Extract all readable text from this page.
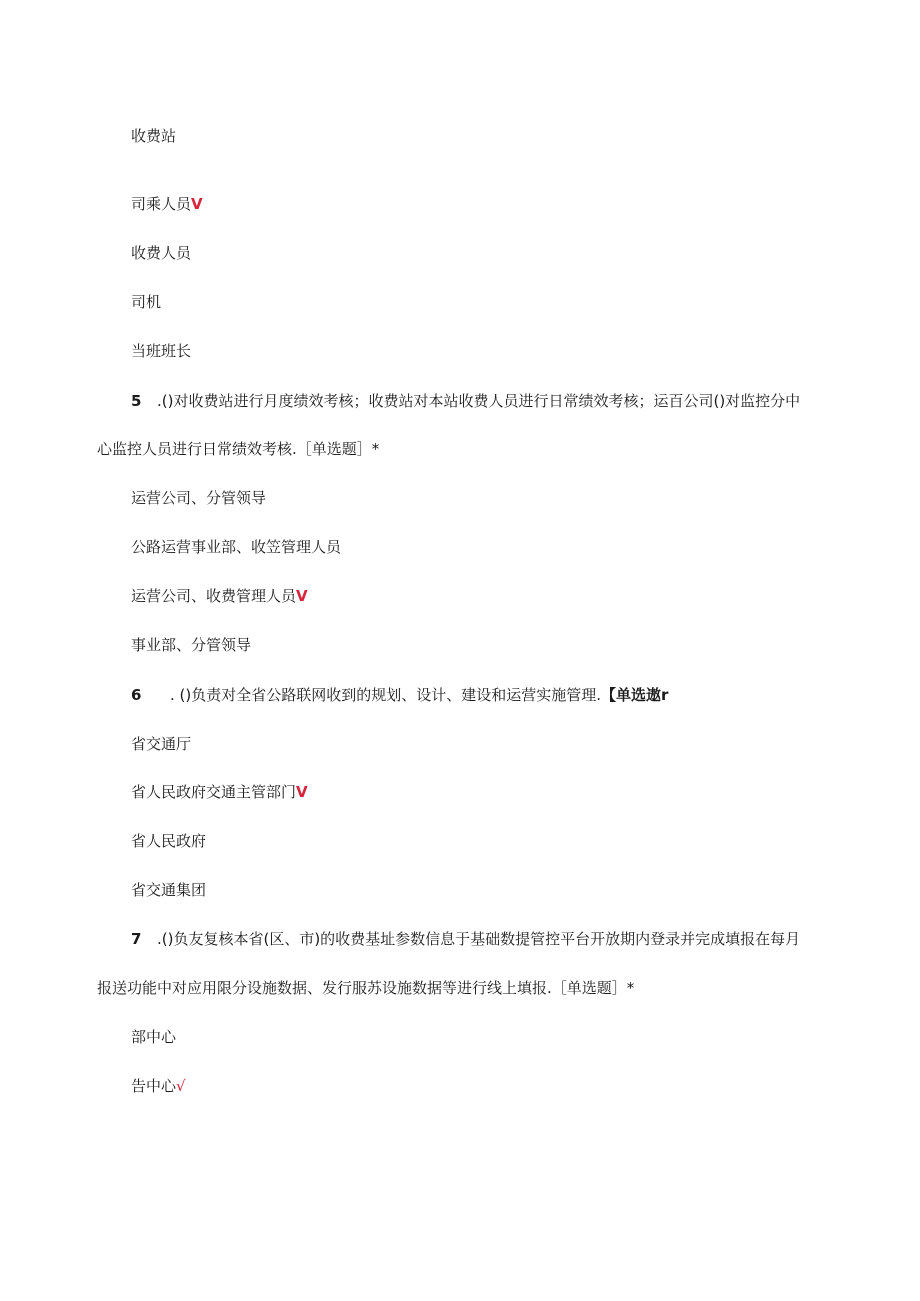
收费站
司乘人员V
收费人员
司机
当班班长
5 .()对收费站进行月度绩效考核；收费站对本站收费人员进行日常绩效考核；运百公司()对监控分中
心监控人员进行日常绩效考核.［单选题］*
运营公司、分管领导
公路运营事业部、收笠管理人员
运营公司、收费管理人员V
事业部、分管领导
6 . ()负责对全省公路联网收到的规划、设计、建设和运营实施管理.【单选遨r
省交通厅
省人民政府交通主管部门V
省人民政府
省交通集团
7 .()负友复核本省(区、市)的收费基址参数信息于基础数提管控平台开放期内登录并完成填报在每月
报送功能中对应用限分设施数据、发行服苏设施数据等进行线上填报.［单选题］*
部中心
告中心√
